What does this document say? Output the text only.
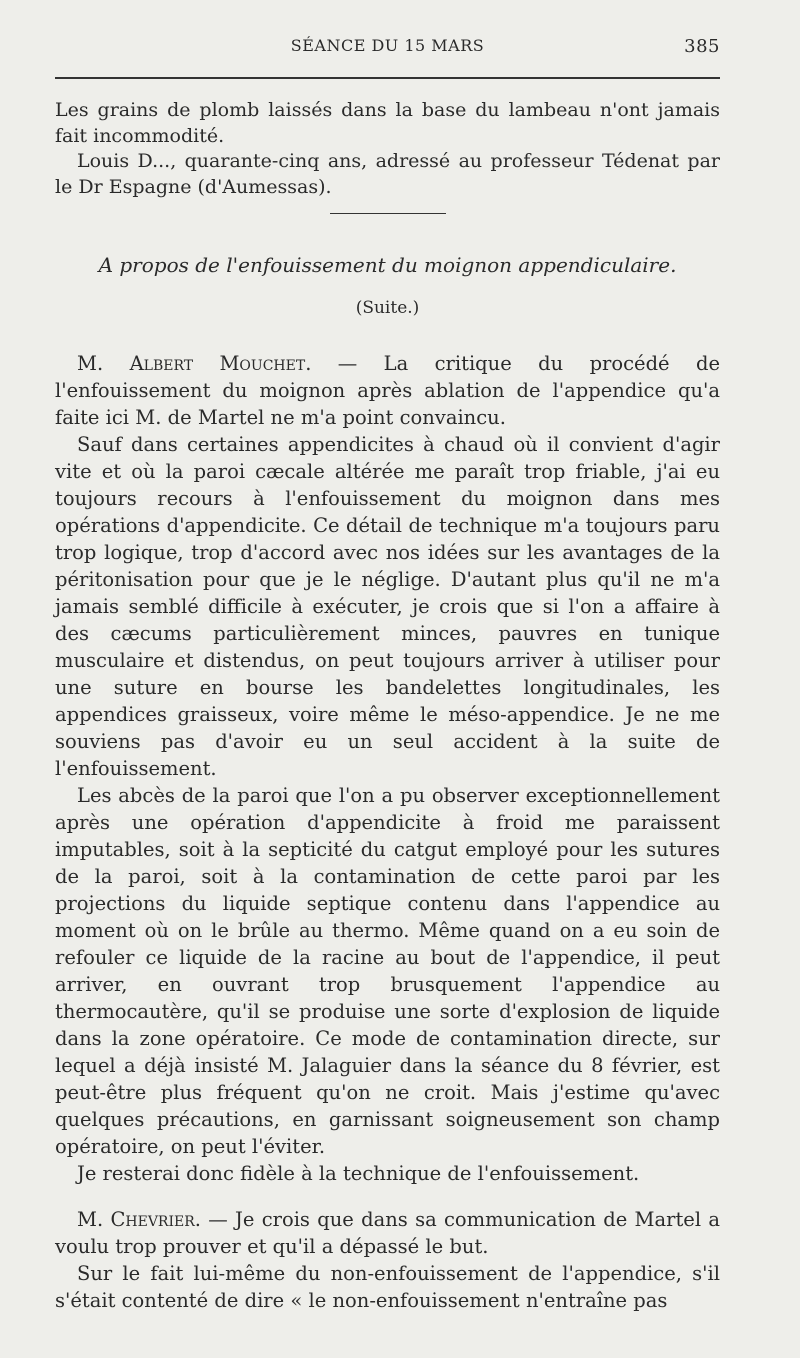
SÉANCE DU 15 MARS	385

Les grains de plomb laissés dans la base du lambeau n'ont jamais fait incommodité.

Louis D..., quarante-cinq ans, adressé au professeur Tédenat par le Dr Espagne (d'Aumessas).

A propos de l'enfouissement du moignon appendiculaire.
(Suite.)

M. Albert Mouchet. — La critique du procédé de l'enfouissement du moignon après ablation de l'appendice qu'a faite ici M. de Martel ne m'a point convaincu.

Sauf dans certaines appendicites à chaud où il convient d'agir vite et où la paroi cæcale altérée me paraît trop friable, j'ai eu toujours recours à l'enfouissement du moignon dans mes opérations d'appendicite. Ce détail de technique m'a toujours paru trop logique, trop d'accord avec nos idées sur les avantages de la péritonisation pour que je le néglige. D'autant plus qu'il ne m'a jamais semblé difficile à exécuter, je crois que si l'on a affaire à des cæcums particulièrement minces, pauvres en tunique musculaire et distendus, on peut toujours arriver à utiliser pour une suture en bourse les bandelettes longitudinales, les appendices graisseux, voire même le méso-appendice. Je ne me souviens pas d'avoir eu un seul accident à la suite de l'enfouissement.

Les abcès de la paroi que l'on a pu observer exceptionnellement après une opération d'appendicite à froid me paraissent imputables, soit à la septicité du catgut employé pour les sutures de la paroi, soit à la contamination de cette paroi par les projections du liquide septique contenu dans l'appendice au moment où on le brûle au thermo. Même quand on a eu soin de refouler ce liquide de la racine au bout de l'appendice, il peut arriver, en ouvrant trop brusquement l'appendice au thermocautère, qu'il se produise une sorte d'explosion de liquide dans la zone opératoire. Ce mode de contamination directe, sur lequel a déjà insisté M. Jalaguier dans la séance du 8 février, est peut-être plus fréquent qu'on ne croit. Mais j'estime qu'avec quelques précautions, en garnissant soigneusement son champ opératoire, on peut l'éviter.

Je resterai donc fidèle à la technique de l'enfouissement.

M. Chevrier. — Je crois que dans sa communication de Martel a voulu trop prouver et qu'il a dépassé le but.

Sur le fait lui-même du non-enfouissement de l'appendice, s'il s'était contenté de dire « le non-enfouissement n'entraîne pas
